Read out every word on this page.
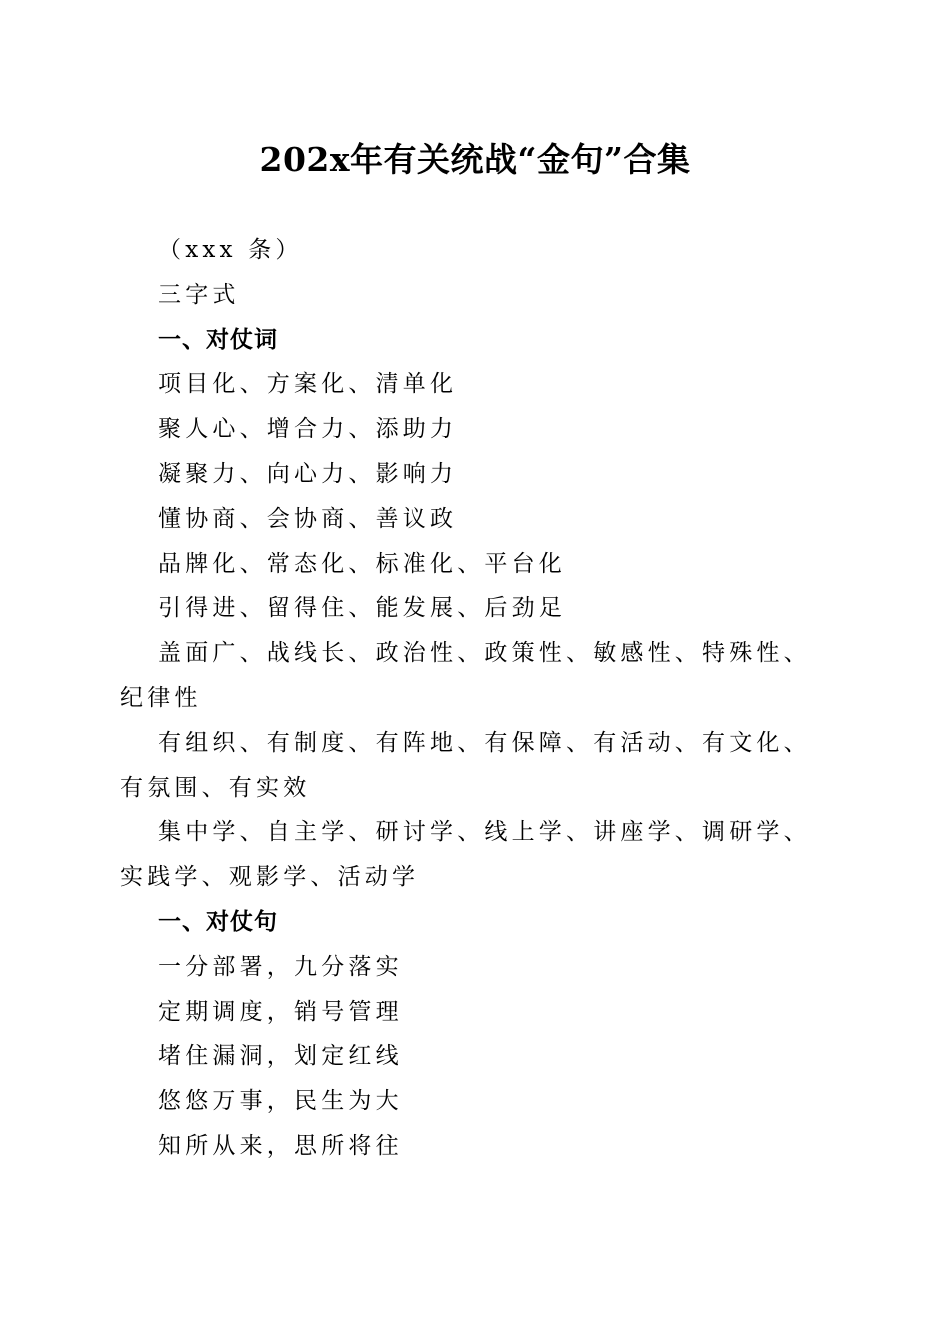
202x年有关统战“金句”合集

（xxx 条）

三字式

一、对仗词

项目化、方案化、清单化

聚人心、增合力、添助力

凝聚力、向心力、影响力

懂协商、会协商、善议政

品牌化、常态化、标准化、平台化

引得进、留得住、能发展、后劲足

盖面广、战线长、政治性、政策性、敏感性、特殊性、纪律性

有组织、有制度、有阵地、有保障、有活动、有文化、有氛围、有实效

集中学、自主学、研讨学、线上学、讲座学、调研学、实践学、观影学、活动学

一、对仗句

一分部署，九分落实

定期调度，销号管理

堵住漏洞，划定红线

悠悠万事，民生为大

知所从来，思所将往
